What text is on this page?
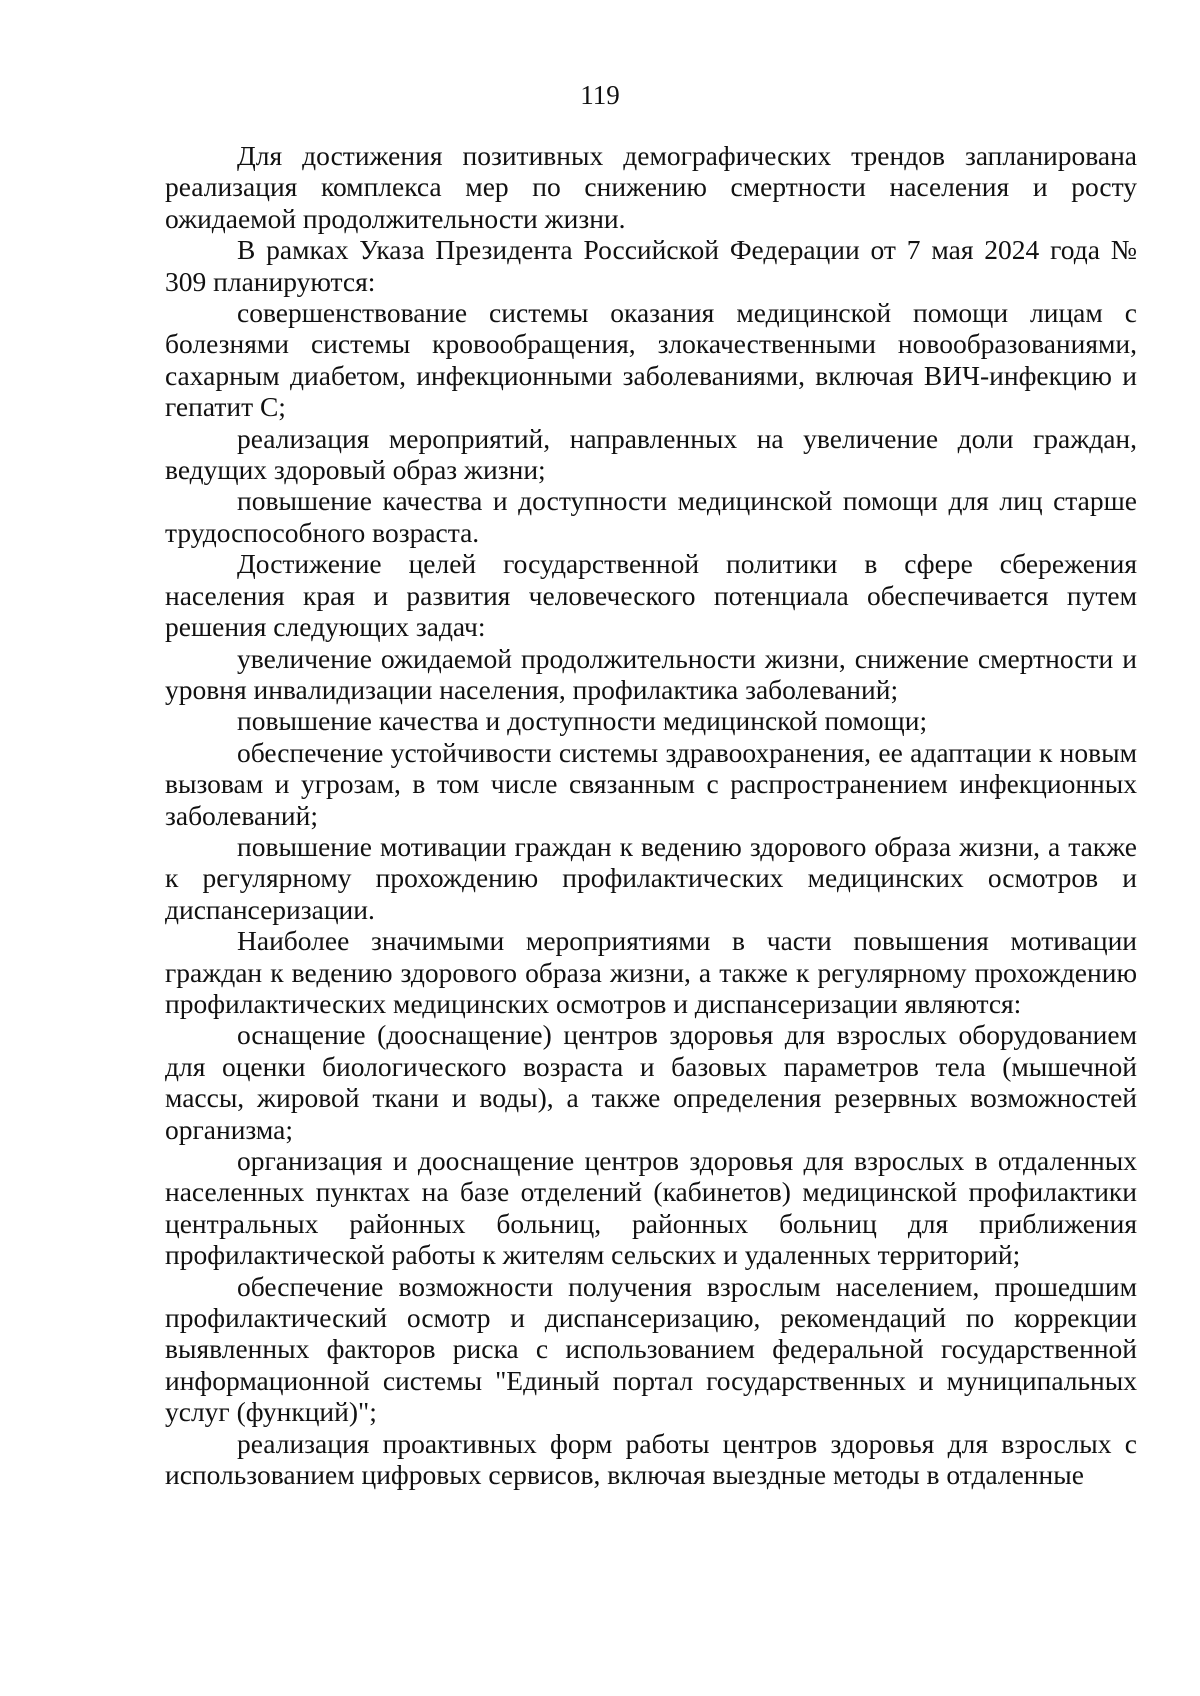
119

Для достижения позитивных демографических трендов запланирована реализация комплекса мер по снижению смертности населения и росту ожидаемой продолжительности жизни.

В рамках Указа Президента Российской Федерации от 7 мая 2024 года № 309 планируются:

совершенствование системы оказания медицинской помощи лицам с болезнями системы кровообращения, злокачественными новообразованиями, сахарным диабетом, инфекционными заболеваниями, включая ВИЧ-инфекцию и гепатит С;

реализация мероприятий, направленных на увеличение доли граждан, ведущих здоровый образ жизни;

повышение качества и доступности медицинской помощи для лиц старше трудоспособного возраста.

Достижение целей государственной политики в сфере сбережения населения края и развития человеческого потенциала обеспечивается путем решения следующих задач:

увеличение ожидаемой продолжительности жизни, снижение смертности и уровня инвалидизации населения, профилактика заболеваний;

повышение качества и доступности медицинской помощи;

обеспечение устойчивости системы здравоохранения, ее адаптации к новым вызовам и угрозам, в том числе связанным с распространением инфекционных заболеваний;

повышение мотивации граждан к ведению здорового образа жизни, а также к регулярному прохождению профилактических медицинских осмотров и диспансеризации.

Наиболее значимыми мероприятиями в части повышения мотивации граждан к ведению здорового образа жизни, а также к регулярному прохождению профилактических медицинских осмотров и диспансеризации являются:

оснащение (дооснащение) центров здоровья для взрослых оборудованием для оценки биологического возраста и базовых параметров тела (мышечной массы, жировой ткани и воды), а также определения резервных возможностей организма;

организация и дооснащение центров здоровья для взрослых в отдаленных населенных пунктах на базе отделений (кабинетов) медицинской профилактики центральных районных больниц, районных больниц для приближения профилактической работы к жителям сельских и удаленных территорий;

обеспечение возможности получения взрослым населением, прошедшим профилактический осмотр и диспансеризацию, рекомендаций по коррекции выявленных факторов риска с использованием федеральной государственной информационной системы "Единый портал государственных и муниципальных услуг (функций)";

реализация проактивных форм работы центров здоровья для взрослых с использованием цифровых сервисов, включая выездные методы в отдаленные
